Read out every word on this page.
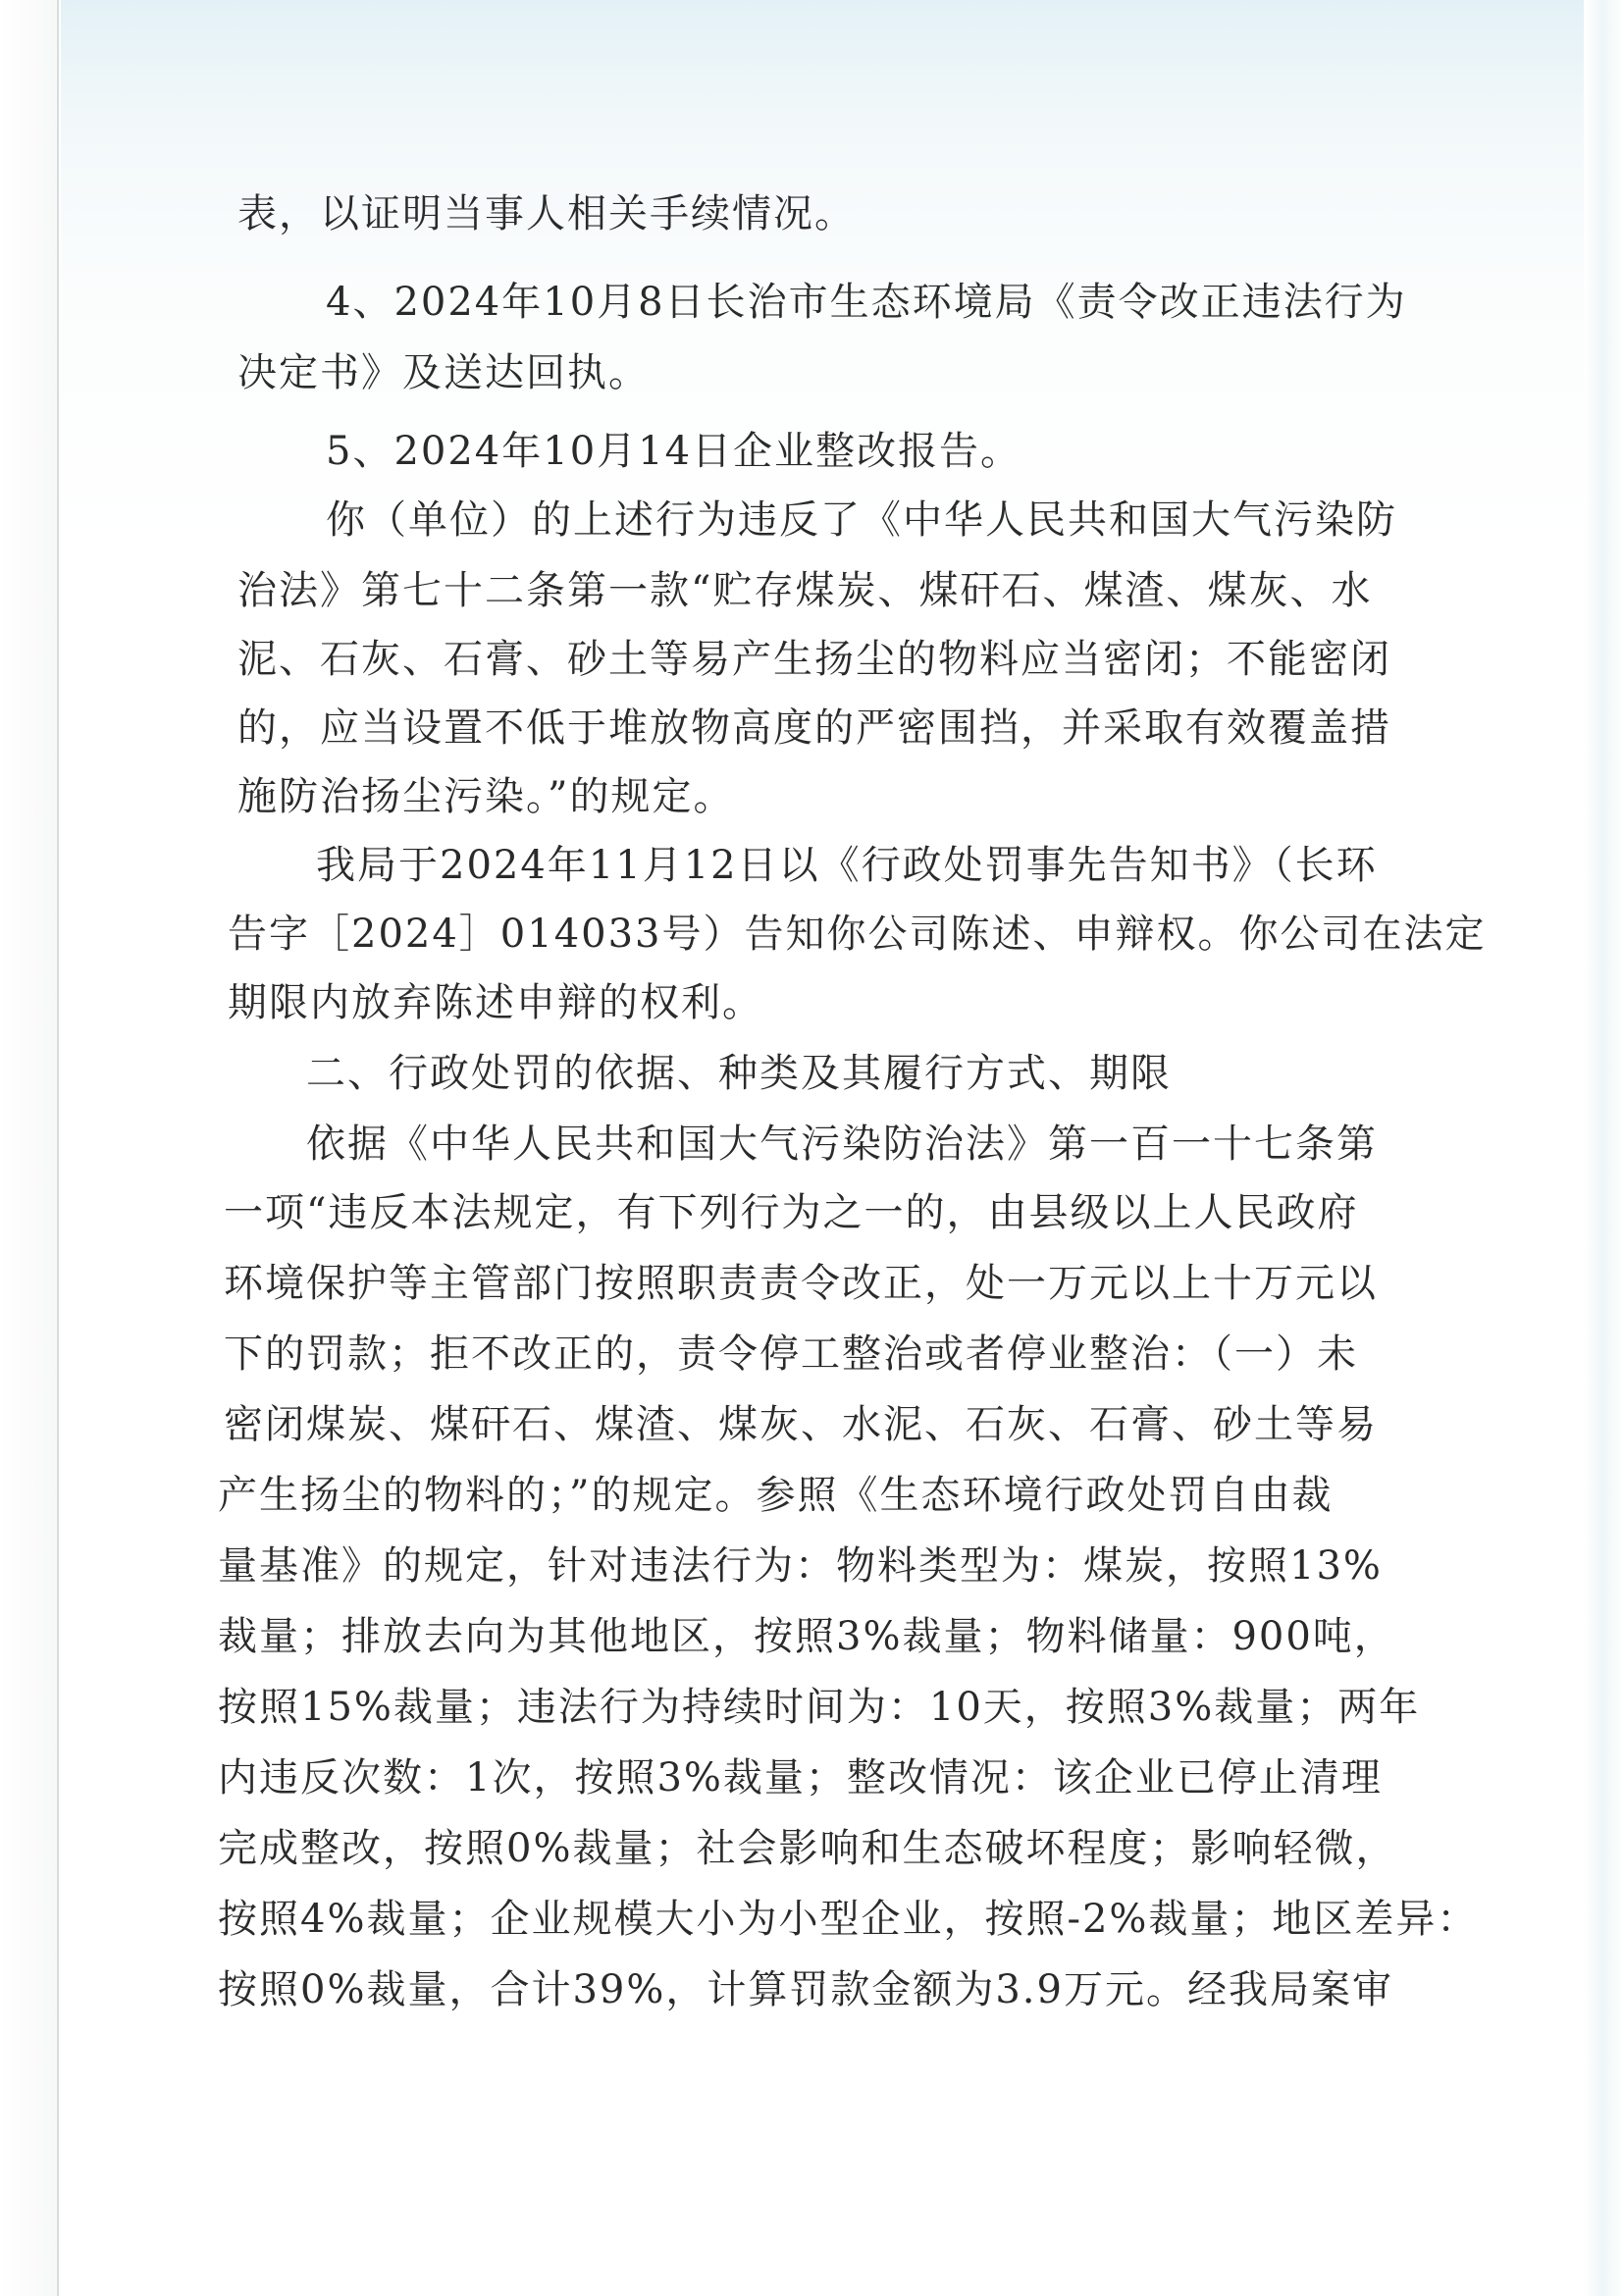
表，以证明当事人相关手续情况。
4、2024年10月8日长治市生态环境局《责令改正违法行为
决定书》及送达回执。
5、2024年10月14日企业整改报告。
你（单位）的上述行为违反了《中华人民共和国大气污染防
治法》第七十二条第一款“贮存煤炭、煤矸石、煤渣、煤灰、水
泥、石灰、石膏、砂土等易产生扬尘的物料应当密闭；不能密闭
的，应当设置不低于堆放物高度的严密围挡，并采取有效覆盖措
施防治扬尘污染。”的规定。
我局于2024年11月12日以《行政处罚事先告知书》（长环
告字［2024］014033号）告知你公司陈述、申辩权。你公司在法定
期限内放弃陈述申辩的权利。
二、行政处罚的依据、种类及其履行方式、期限
依据《中华人民共和国大气污染防治法》第一百一十七条第
一项“违反本法规定，有下列行为之一的，由县级以上人民政府
环境保护等主管部门按照职责责令改正，处一万元以上十万元以
下的罚款；拒不改正的，责令停工整治或者停业整治：（一）未
密闭煤炭、煤矸石、煤渣、煤灰、水泥、石灰、石膏、砂土等易
产生扬尘的物料的；”的规定。参照《生态环境行政处罚自由裁
量基准》的规定，针对违法行为：物料类型为：煤炭，按照13%
裁量；排放去向为其他地区，按照3%裁量；物料储量：900吨，
按照15%裁量；违法行为持续时间为：10天，按照3%裁量；两年
内违反次数：1次，按照3%裁量；整改情况：该企业已停止清理
完成整改，按照0%裁量；社会影响和生态破坏程度；影响轻微，
按照4%裁量；企业规模大小为小型企业，按照-2%裁量；地区差异：
按照0%裁量，合计39%，计算罚款金额为3.9万元。经我局案审
